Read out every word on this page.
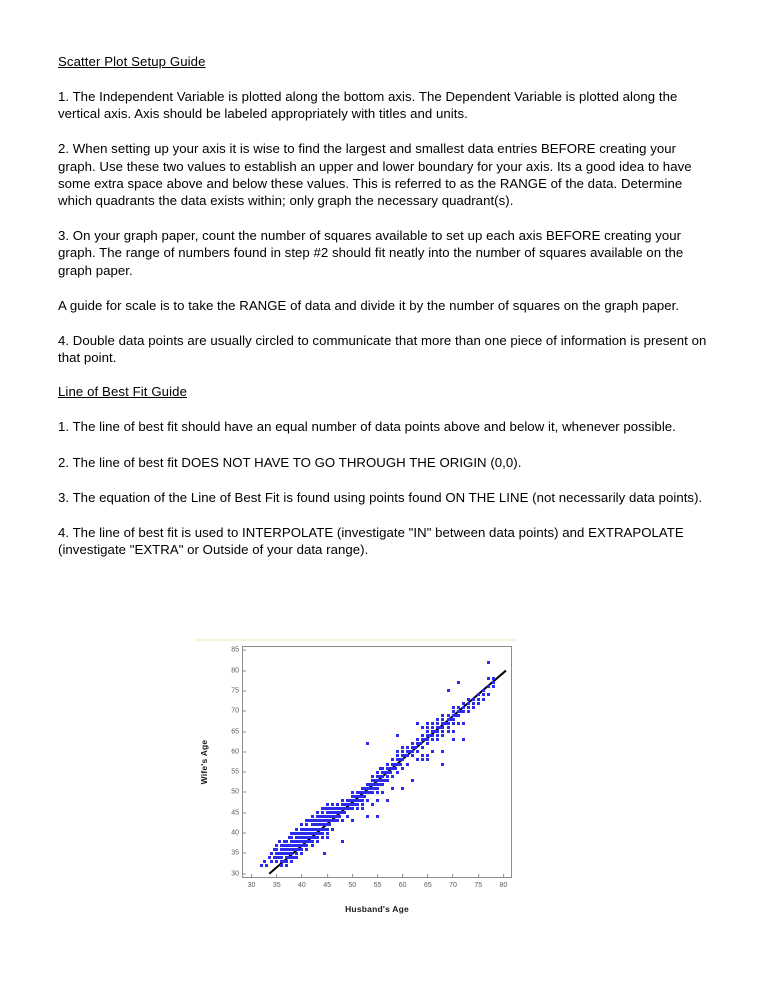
Scatter Plot Setup Guide
1. The Independent Variable is plotted along the bottom axis. The Dependent Variable is plotted along the vertical axis. Axis should be labeled appropriately with titles and units.
2. When setting up your axis it is wise to find the largest and smallest data entries BEFORE creating your graph. Use these two values to establish an upper and lower boundary for your axis. Its a good idea to have some extra space above and below these values. This is referred to as the RANGE of the data. Determine which quadrants the data exists within; only graph the necessary quadrant(s).
3. On your graph paper, count the number of squares available to set up each axis BEFORE creating your graph. The range of numbers found in step #2 should fit neatly into the number of squares available on the graph paper.
A guide for scale is to take the RANGE of data and divide it by the number of squares on the graph paper.
4. Double data points are usually circled to communicate that more than one piece of information is present on that point.
Line of Best Fit Guide
1. The line of best fit should have an equal number of data points above and below it, whenever possible.
2. The line of best fit DOES NOT HAVE TO GO THROUGH THE ORIGIN (0,0).
3. The equation of the Line of Best Fit is found using points found ON THE LINE (not necessarily data points).
4. The line of best fit is used to INTERPOLATE (investigate "IN" between data points) and EXTRAPOLATE (investigate "EXTRA" or Outside of your data range).
Wife's Age
30
35
40
45
50
55
60
65
70
75
80
85
30 35 40 45 50 55 60 65 70 75 80
Husband's Age
